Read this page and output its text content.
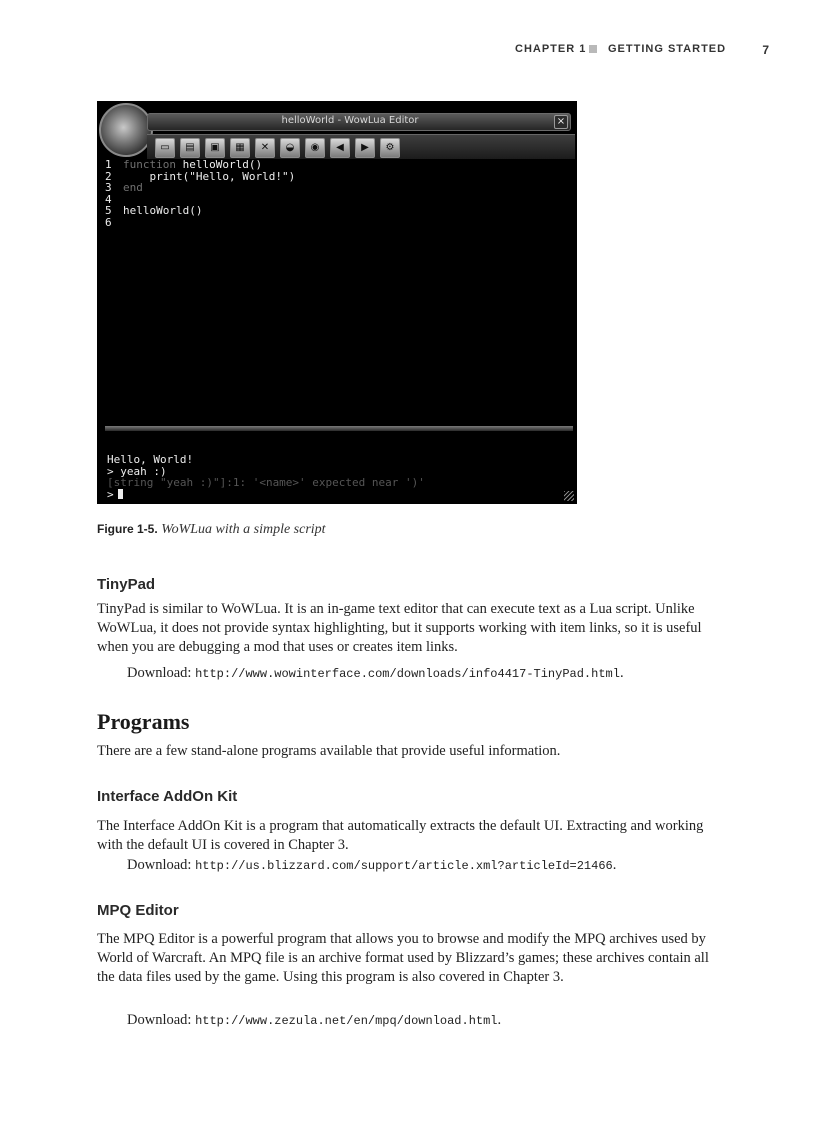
CHAPTER 1 GETTING STARTED	7
helloWorld - WowLua Editor	×
▭	▤	▣	▦	✕	◒	◉	◀	▶	⚙
1	function helloWorld()
2	print("Hello, World!")
3	end
4
5	helloWorld()
6
Hello, World!
> yeah :)
[string "yeah :)"]:1: '<name>' expected near ')'
>
Figure 1-5. WoWLua with a simple script
TinyPad
TinyPad is similar to WoWLua. It is an in-game text editor that can execute text as a Lua script. Unlike WoWLua, it does not provide syntax highlighting, but it supports working with item links, so it is useful when you are debugging a mod that uses or creates item links.
Download: http://www.wowinterface.com/downloads/info4417-TinyPad.html.
Programs
There are a few stand-alone programs available that provide useful information.
Interface AddOn Kit
The Interface AddOn Kit is a program that automatically extracts the default UI. Extracting and working with the default UI is covered in Chapter 3.
Download: http://us.blizzard.com/support/article.xml?articleId=21466.
MPQ Editor
The MPQ Editor is a powerful program that allows you to browse and modify the MPQ archives used by World of Warcraft. An MPQ file is an archive format used by Blizzard’s games; these archives contain all the data files used by the game. Using this program is also covered in Chapter 3.
Download: http://www.zezula.net/en/mpq/download.html.
